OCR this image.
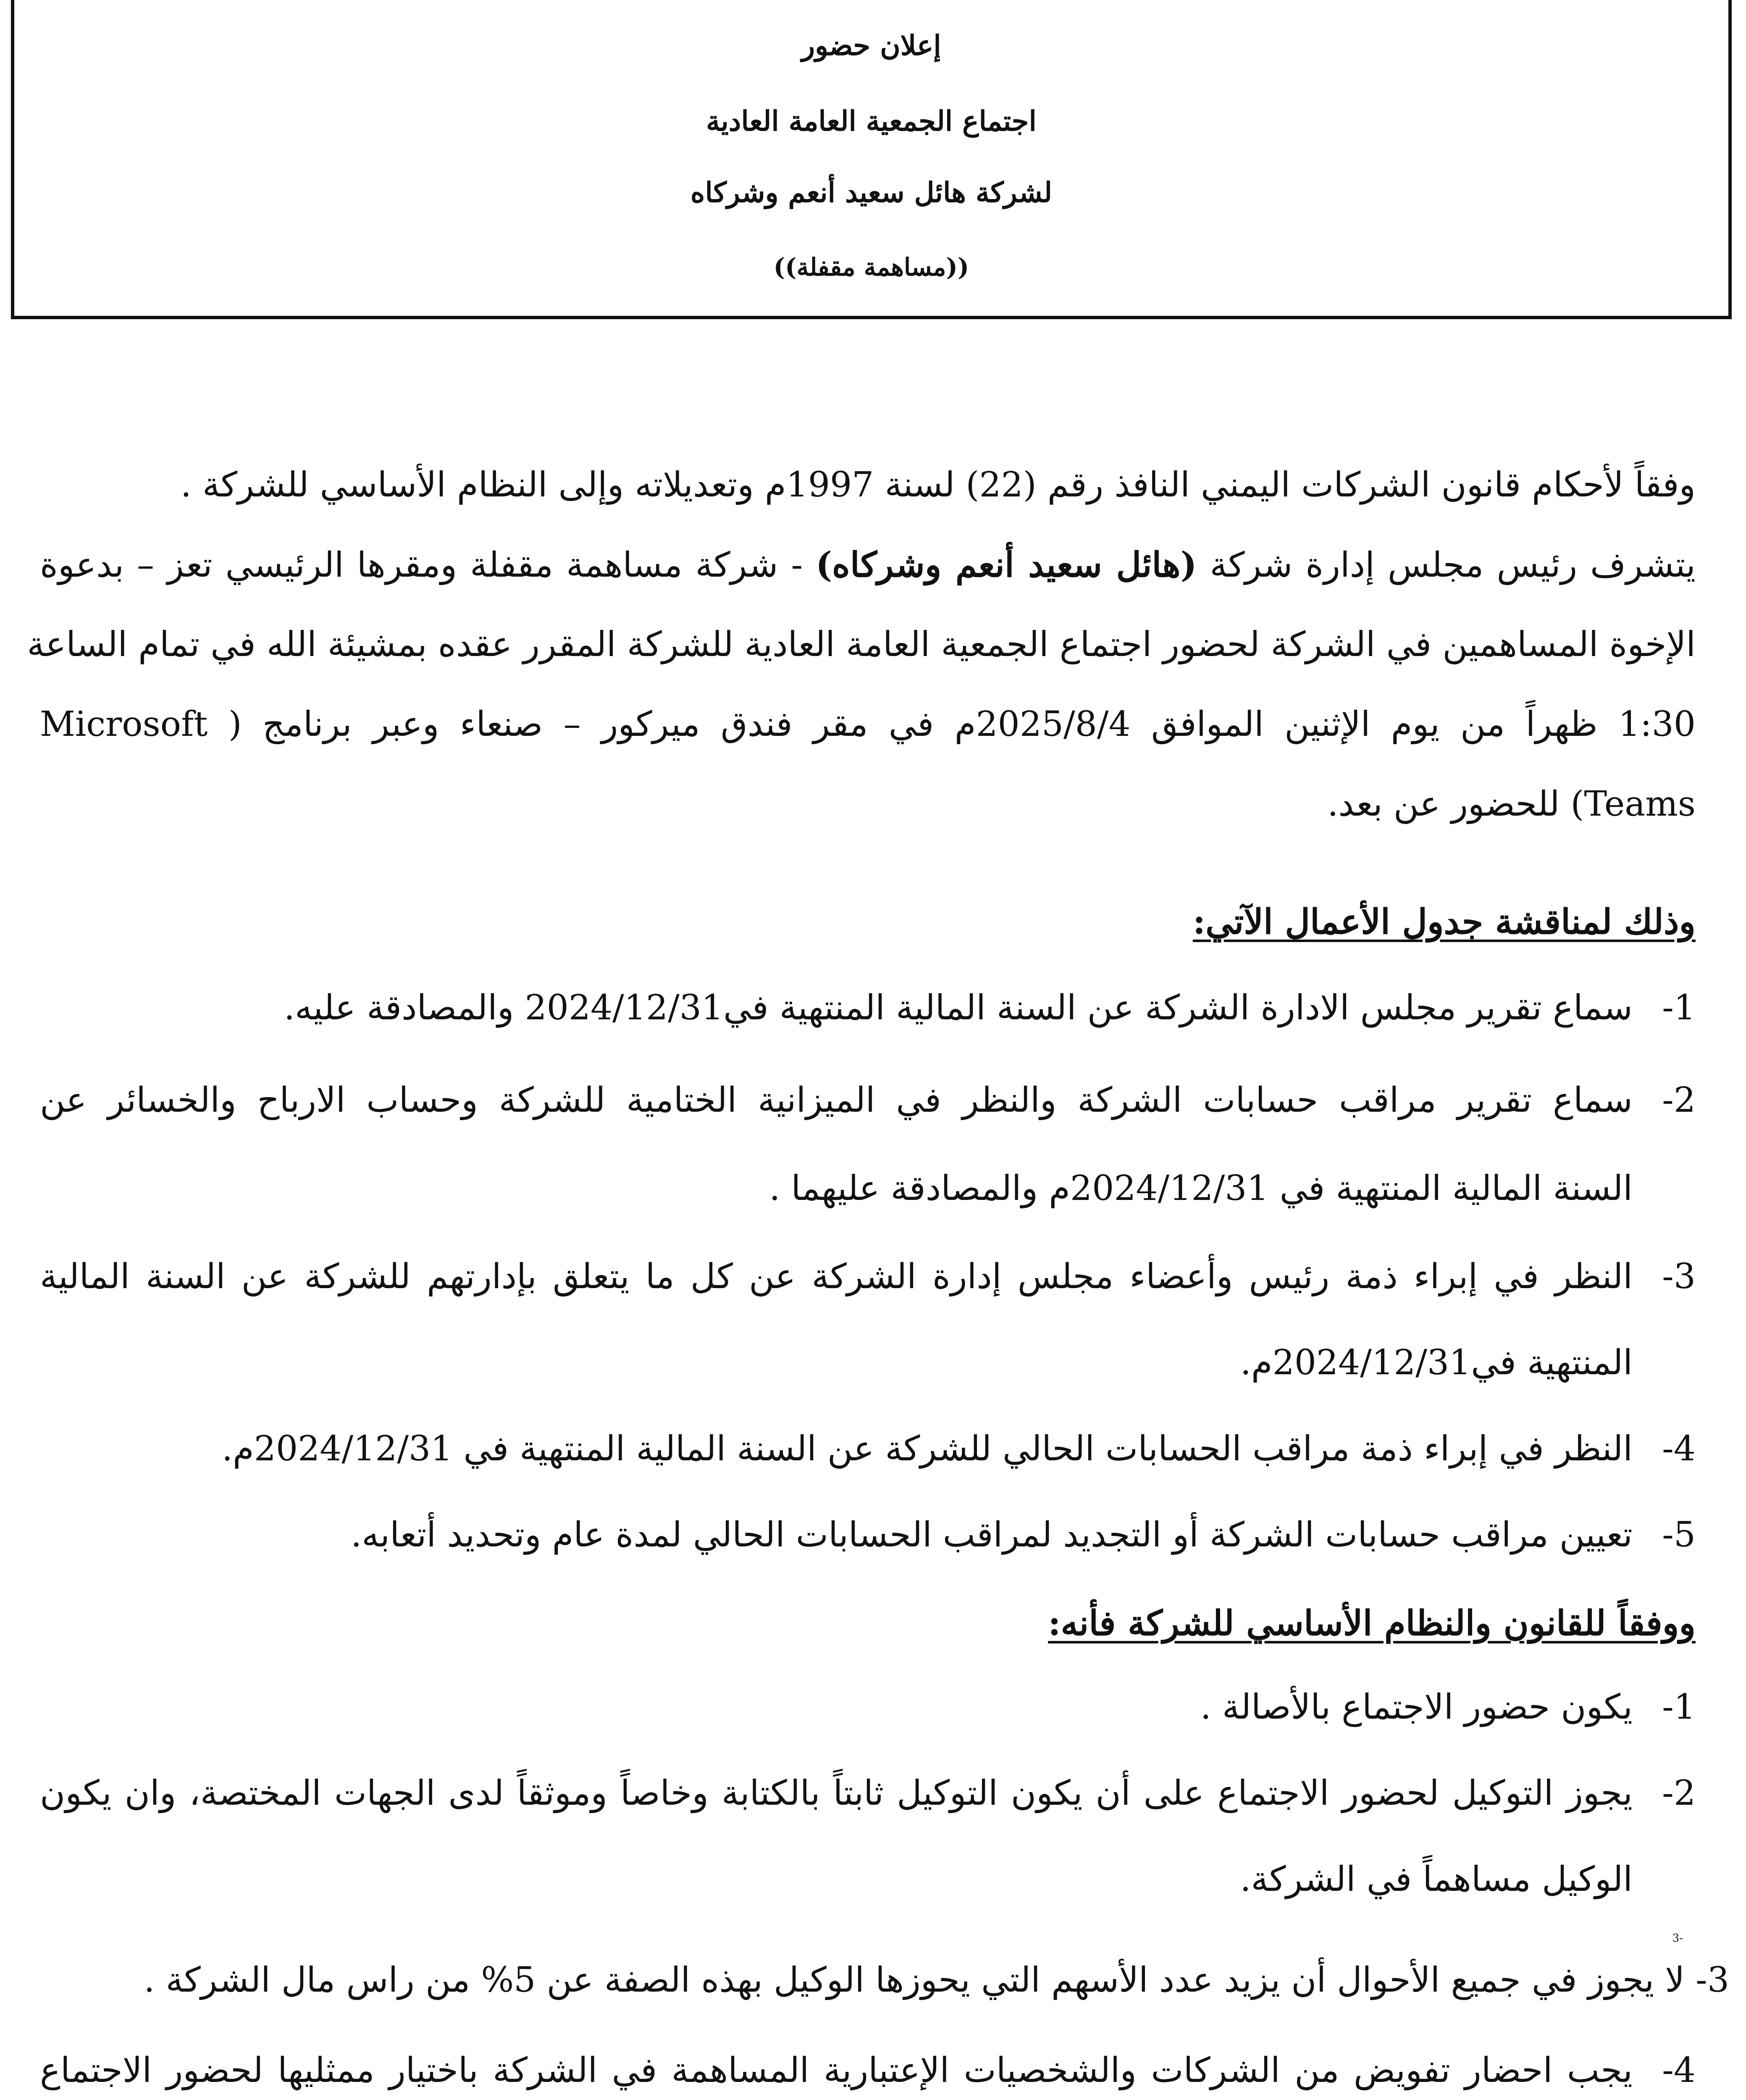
إعلان حضور
اجتماع الجمعية العامة العادية
لشركة هائل سعيد أنعم وشركاه
((مساهمة مقفلة))
وفقاً لأحكام قانون الشركات اليمني النافذ رقم (22) لسنة 1997م وتعديلاته وإلى النظام الأساسي للشركة .
يتشرف رئيس مجلس إدارة شركة (هائل سعيد أنعم وشركاه) - شركة مساهمة مقفلة ومقرها الرئيسي تعز – بدعوة
الإخوة المساهمين في الشركة لحضور اجتماع الجمعية العامة العادية للشركة المقرر عقده بمشيئة الله في تمام الساعة
1:30 ظهراً من يوم الإثنين الموافق 2025/8/4م في مقر فندق ميركور – صنعاء وعبر برنامج ( Microsoft
Teams) للحضور عن بعد.
وذلك لمناقشة جدول الأعمال الآتي:
1-سماع تقرير مجلس الادارة الشركة عن السنة المالية المنتهية في2024/12/31 والمصادقة عليه.
2-سماع تقرير مراقب حسابات الشركة والنظر في الميزانية الختامية للشركة وحساب الارباح والخسائر عن
السنة المالية المنتهية في 2024/12/31م والمصادقة عليهما .
3-النظر في إبراء ذمة رئيس وأعضاء مجلس إدارة الشركة عن كل ما يتعلق بإدارتهم للشركة عن السنة المالية
المنتهية في2024/12/31م.
4-النظر في إبراء ذمة مراقب الحسابات الحالي للشركة عن السنة المالية المنتهية في 2024/12/31م.
5-تعيين مراقب حسابات الشركة أو التجديد لمراقب الحسابات الحالي لمدة عام وتحديد أتعابه.
ووفقاً للقانون والنظام الأساسي للشركة فأنه:
1-يكون حضور الاجتماع بالأصالة .
2-يجوز التوكيل لحضور الاجتماع على أن يكون التوكيل ثابتاً بالكتابة وخاصاً وموثقاً لدى الجهات المختصة، وان يكون
الوكيل مساهماً في الشركة.
-3
3- لا يجوز في جميع الأحوال أن يزيد عدد الأسهم التي يحوزها الوكيل بهذه الصفة عن 5% من راس مال الشركة .
4-يجب احضار تفويض من الشركات والشخصيات الإعتبارية المساهمة في الشركة باختيار ممثليها لحضور الاجتماع
